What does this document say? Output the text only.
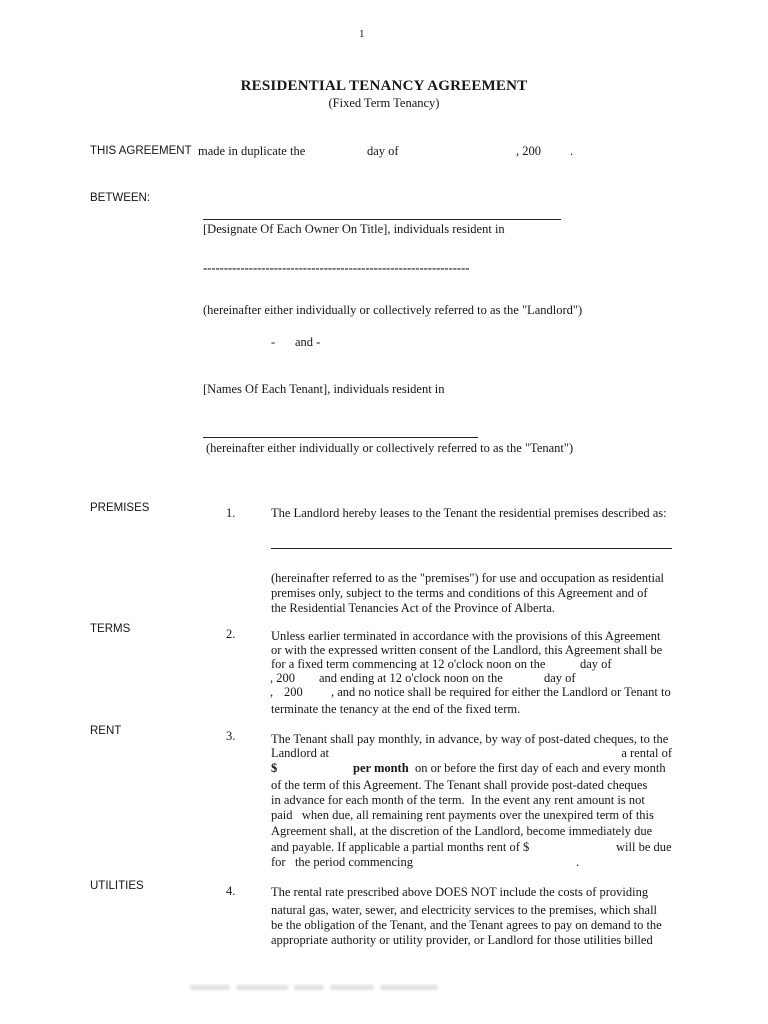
1
RESIDENTIAL TENANCY AGREEMENT
(Fixed Term Tenancy)
THIS AGREEMENT made in duplicate the	day of	, 200 .
BETWEEN:
[Designate Of Each Owner On Title], individuals resident in
----------------------------------------------------------------
(hereinafter either individually or collectively referred to as the "Landlord")
- and -
[Names Of Each Tenant], individuals resident in
(hereinafter either individually or collectively referred to as the "Tenant")
PREMISES	1.	The Landlord hereby leases to the Tenant the residential premises described as:
(hereinafter referred to as the "premises") for use and occupation as residential
premises only, subject to the terms and conditions of this Agreement and of
the Residential Tenancies Act of the Province of Alberta.
TERMS	2.	Unless earlier terminated in accordance with the provisions of this Agreement
or with the expressed written consent of the Landlord, this Agreement shall be
for a fixed term commencing at 12 o'clock noon on the	day of
, 200 and ending at 12 o'clock noon on the	day of
, 200 , and no notice shall be required for either the Landlord or Tenant to
terminate the tenancy at the end of the fixed term.
RENT	3.	The Tenant shall pay monthly, in advance, by way of post-dated cheques, to the
Landlord at	a rental of
$	per month on or before the first day of each and every month
of the term of this Agreement. The Tenant shall provide post-dated cheques
in advance for each month of the term.  In the event any rent amount is not
paid   when due, all remaining rent payments over the unexpired term of this
Agreement shall, at the discretion of the Landlord, become immediately due
and payable. If applicable a partial months rent of $	will be due
for   the period commencing	.
UTILITIES	4.	The rental rate prescribed above DOES NOT include the costs of providing
natural gas, water, sewer, and electricity services to the premises, which shall
be the obligation of the Tenant, and the Tenant agrees to pay on demand to the
appropriate authority or utility provider, or Landlord for those utilities billed
